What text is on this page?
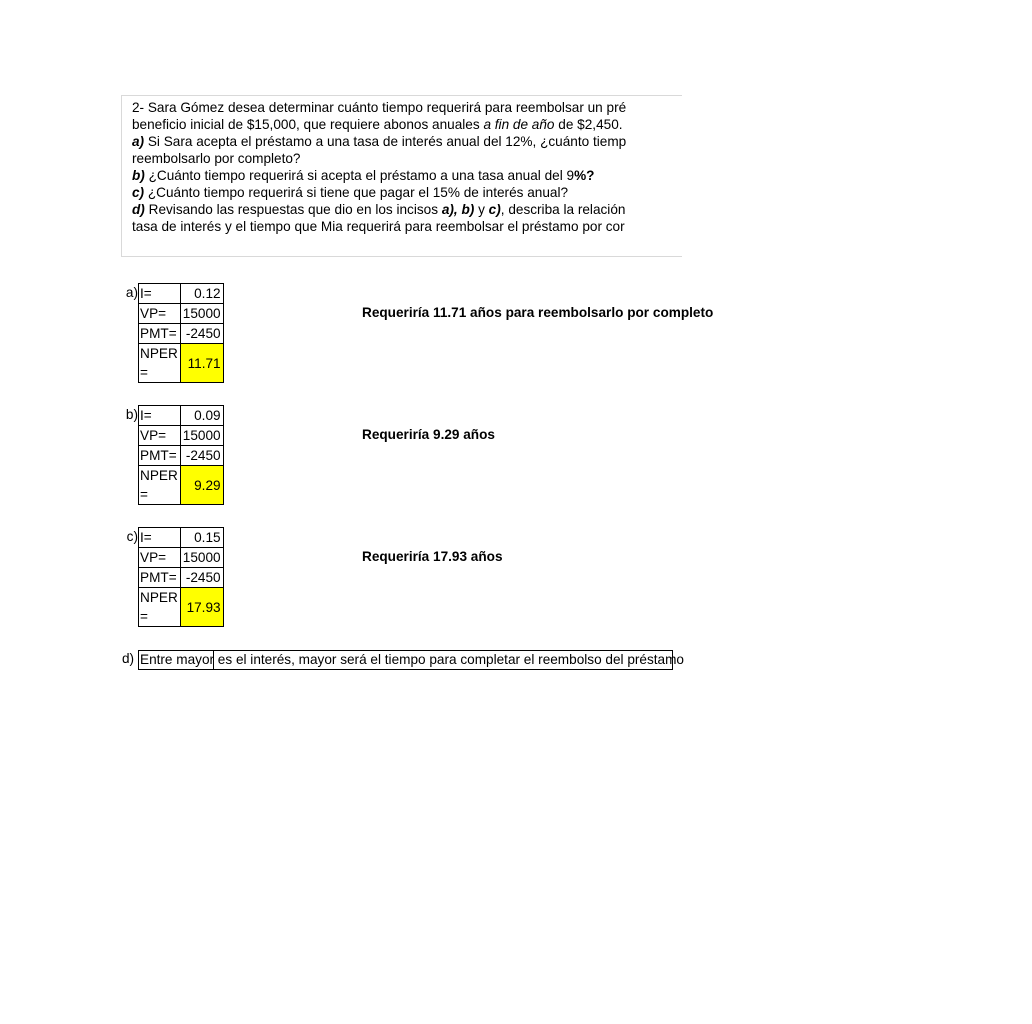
2- Sara Gómez desea determinar cuánto tiempo requerirá para reembolsar un pré
beneficio inicial de $15,000, que requiere abonos anuales a fin de año de $2,450.
a) Si Sara acepta el préstamo a una tasa de interés anual del 12%, ¿cuánto tiemp
reembolsarlo por completo?
b) ¿Cuánto tiempo requerirá si acepta el préstamo a una tasa anual del 9%?
c) ¿Cuánto tiempo requerirá si tiene que pagar el 15% de interés anual?
d) Revisando las respuestas que dio en los incisos a), b) y c), describa la relación
tasa de interés y el tiempo que Mia requerirá para reembolsar el préstamo por cor
a) I=	0.12
VP=	15000
PMT=	-2450
NPER =	11.71
Requeriría 11.71 años para reembolsarlo por completo
b) I=	0.09
VP=	15000
PMT=	-2450
NPER =	9.29
Requeriría 9.29 años
c) I=	0.15
VP=	15000
PMT=	-2450
NPER =	17.93
Requeriría 17.93 años
d) Entre mayor es el interés, mayor será el tiempo para completar el reembolso del préstamo
